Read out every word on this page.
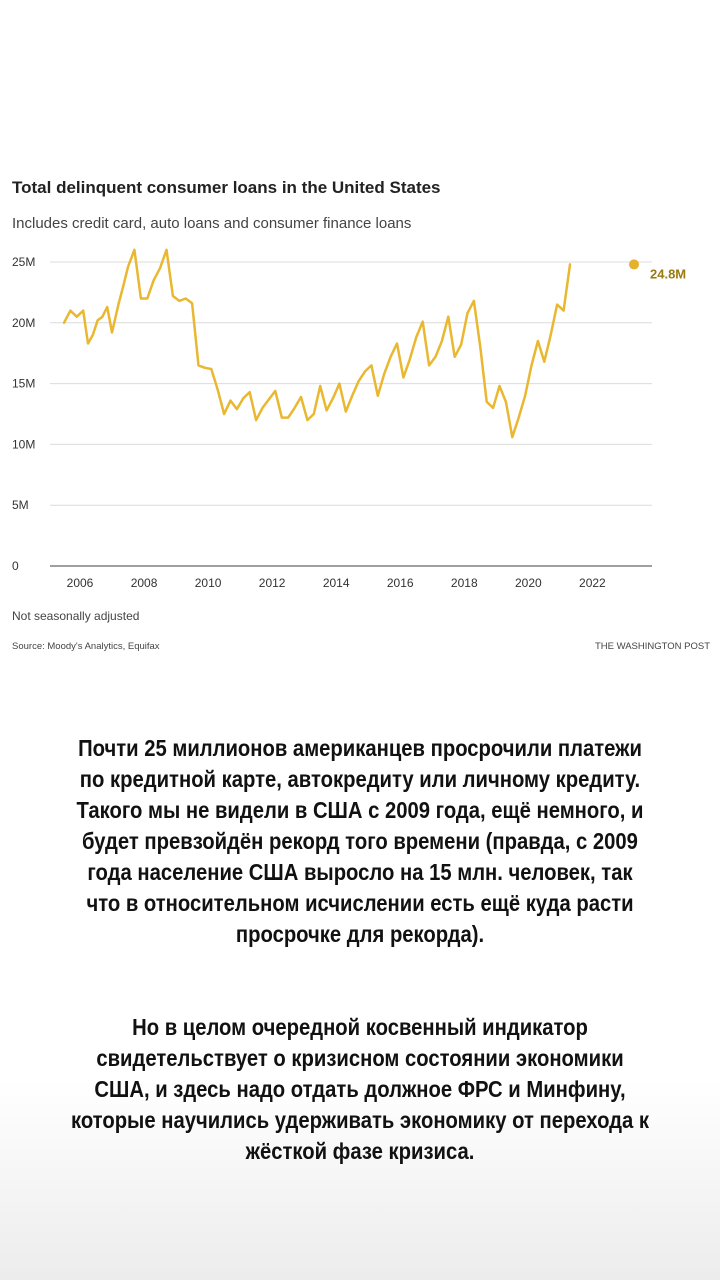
Total delinquent consumer loans in the United States
Includes credit card, auto loans and consumer finance loans
0
5M
10M
15M
20M
25M
2006	2008	2010	2012	2014	2016	2018	2020	2022
24.8M
Not seasonally adjusted
Source: Moody's Analytics, Equifax	THE WASHINGTON POST
Почти 25 миллионов американцев просрочили платежи по кредитной карте, автокредиту или личному кредиту. Такого мы не видели в США с 2009 года, ещё немного, и будет превзойдён рекорд того времени (правда, с 2009 года население США выросло на 15 млн. человек, так что в относительном исчислении есть ещё куда расти просрочке для рекорда).
Но в целом очередной косвенный индикатор свидетельствует о кризисном состоянии экономики США, и здесь надо отдать должное ФРС и Минфину, которые научились удерживать экономику от перехода к жёсткой фазе кризиса.
